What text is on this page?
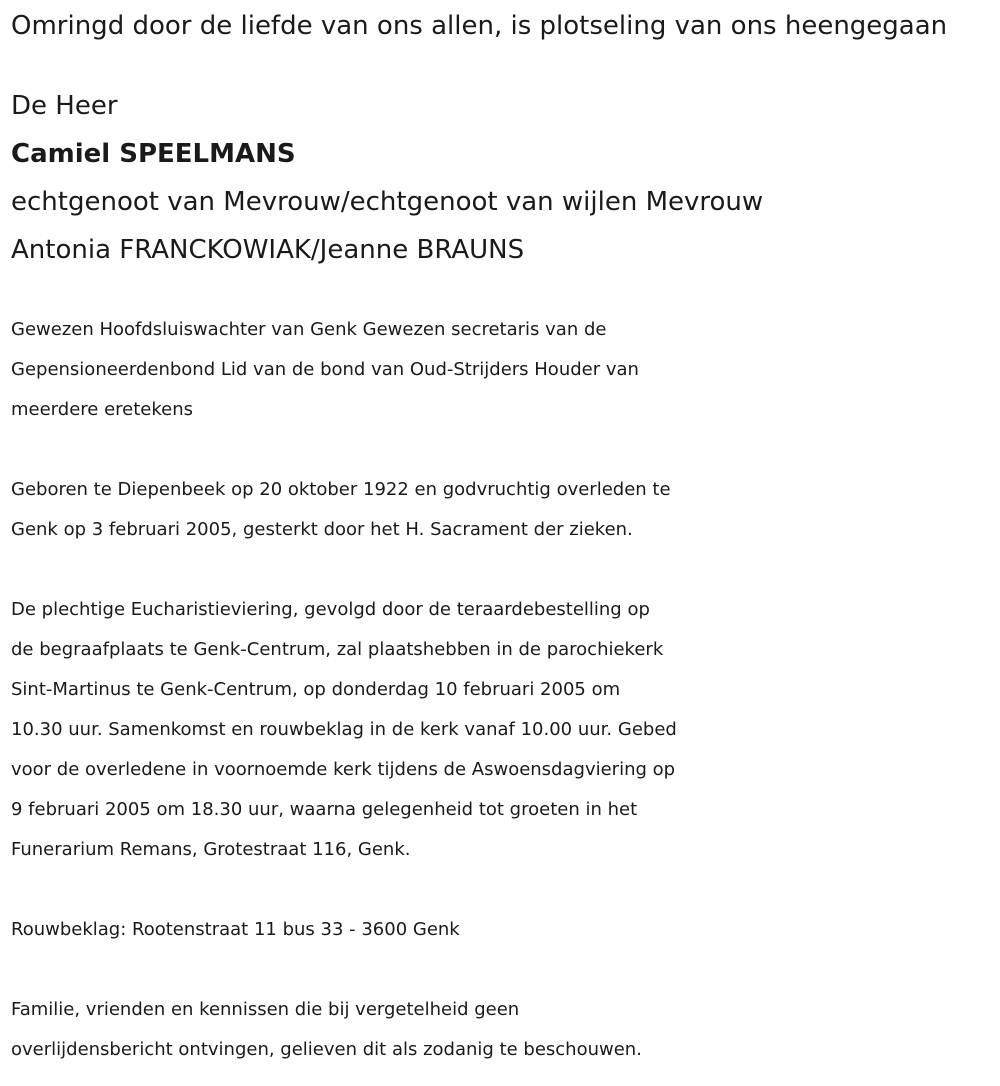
Omringd door de liefde van ons allen, is plotseling van ons heengegaan
De Heer
Camiel SPEELMANS
echtgenoot van Mevrouw/echtgenoot van wijlen Mevrouw
Antonia FRANCKOWIAK/Jeanne BRAUNS
Gewezen Hoofdsluiswachter van Genk Gewezen secretaris van de
Gepensioneerdenbond Lid van de bond van Oud-Strijders Houder van
meerdere eretekens
Geboren te Diepenbeek op 20 oktober 1922 en godvruchtig overleden te
Genk op 3 februari 2005, gesterkt door het H. Sacrament der zieken.
De plechtige Eucharistieviering, gevolgd door de teraardebestelling op
de begraafplaats te Genk-Centrum, zal plaatshebben in de parochiekerk
Sint-Martinus te Genk-Centrum, op donderdag 10 februari 2005 om
10.30 uur. Samenkomst en rouwbeklag in de kerk vanaf 10.00 uur. Gebed
voor de overledene in voornoemde kerk tijdens de Aswoensdagviering op
9 februari 2005 om 18.30 uur, waarna gelegenheid tot groeten in het
Funerarium Remans, Grotestraat 116, Genk.
Rouwbeklag: Rootenstraat 11 bus 33 - 3600 Genk
Familie, vrienden en kennissen die bij vergetelheid geen
overlijdensbericht ontvingen, gelieven dit als zodanig te beschouwen.
